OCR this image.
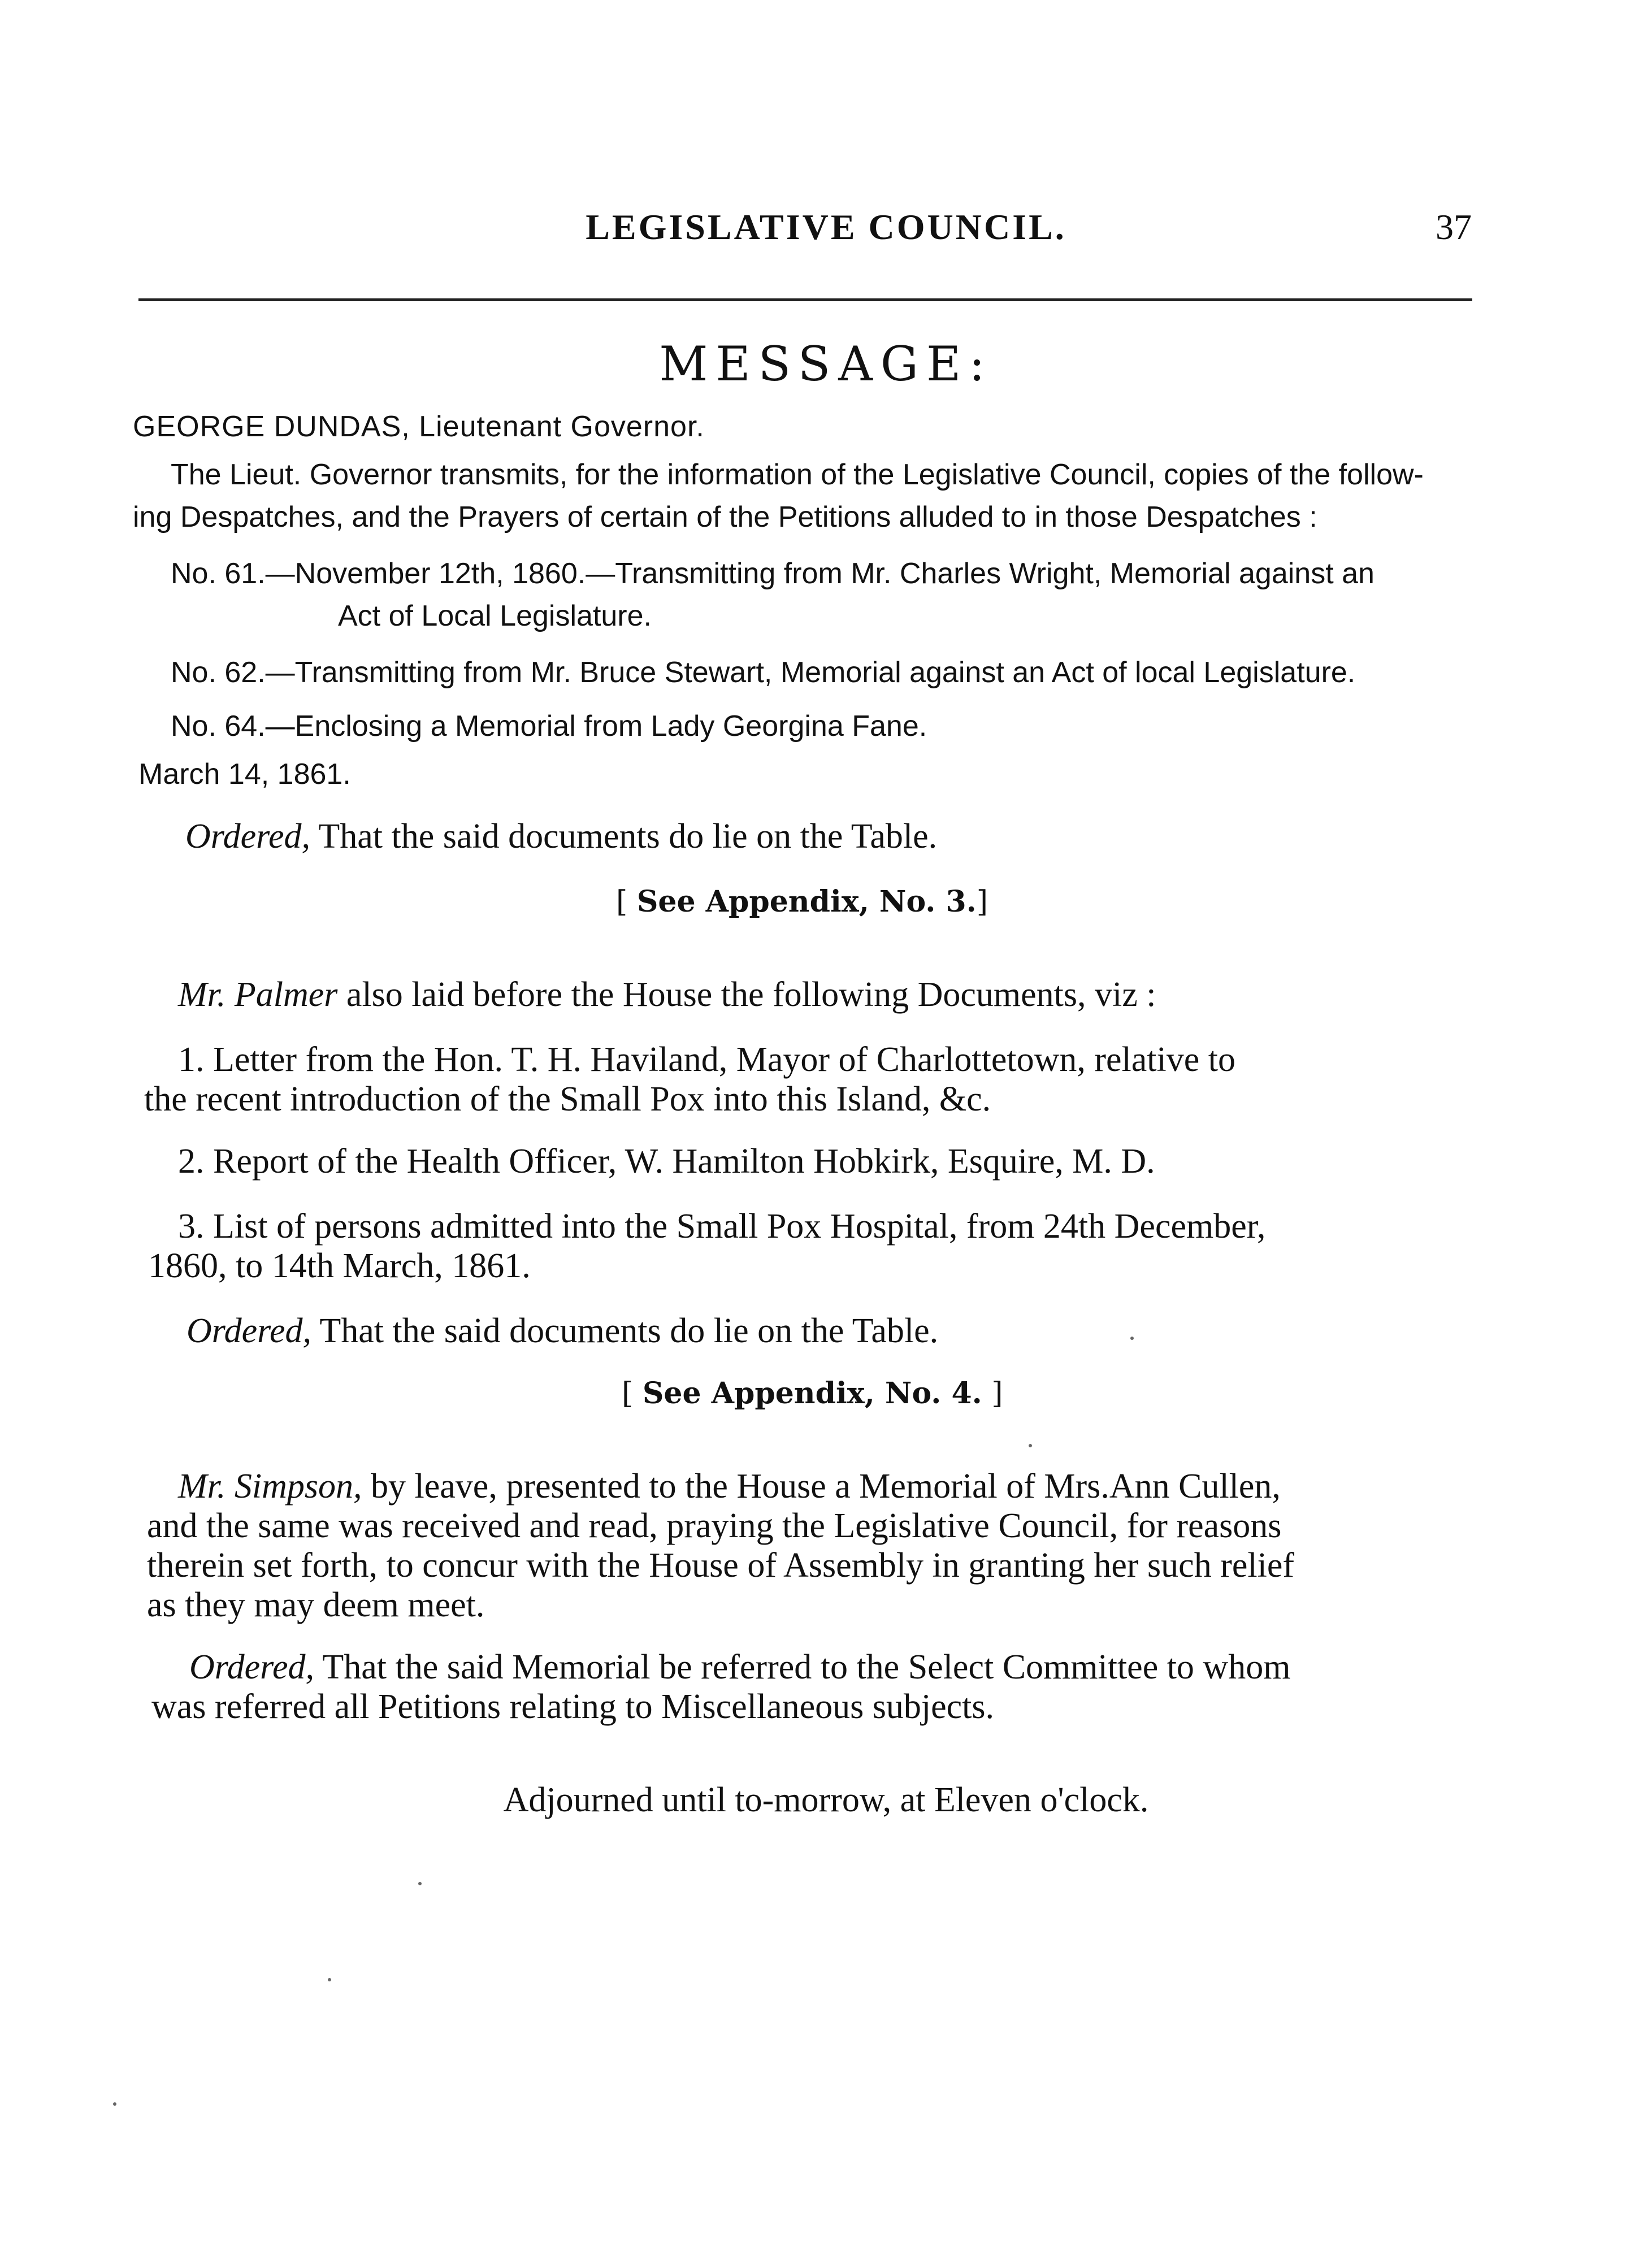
LEGISLATIVE COUNCIL.	37
MESSAGE:
GEORGE DUNDAS, Lieutenant Governor.
The Lieut. Governor transmits, for the information of the Legislative Council, copies of the follow-
ing Despatches, and the Prayers of certain of the Petitions alluded to in those Despatches :
No. 61.—November 12th, 1860.—Transmitting from Mr. Charles Wright, Memorial against an
Act of Local Legislature.
No. 62.—Transmitting from Mr. Bruce Stewart, Memorial against an Act of local Legislature.
No. 64.—Enclosing a Memorial from Lady Georgina Fane.
March 14, 1861.
Ordered, That the said documents do lie on the Table.
[ See Appendix, No. 3.]
Mr. Palmer also laid before the House the following Documents, viz :
1. Letter from the Hon. T. H. Haviland, Mayor of Charlottetown, relative to
the recent introduction of the Small Pox into this Island, &c.
2. Report of the Health Officer, W. Hamilton Hobkirk, Esquire, M. D.
3. List of persons admitted into the Small Pox Hospital, from 24th December,
1860, to 14th March, 1861.
Ordered, That the said documents do lie on the Table.
[ See Appendix, No. 4. ]
Mr. Simpson, by leave, presented to the House a Memorial of Mrs.Ann Cullen,
and the same was received and read, praying the Legislative Council, for reasons
therein set forth, to concur with the House of Assembly in granting her such relief
as they may deem meet.
Ordered, That the said Memorial be referred to the Select Committee to whom
was referred all Petitions relating to Miscellaneous subjects.
Adjourned until to-morrow, at Eleven o'clock.
